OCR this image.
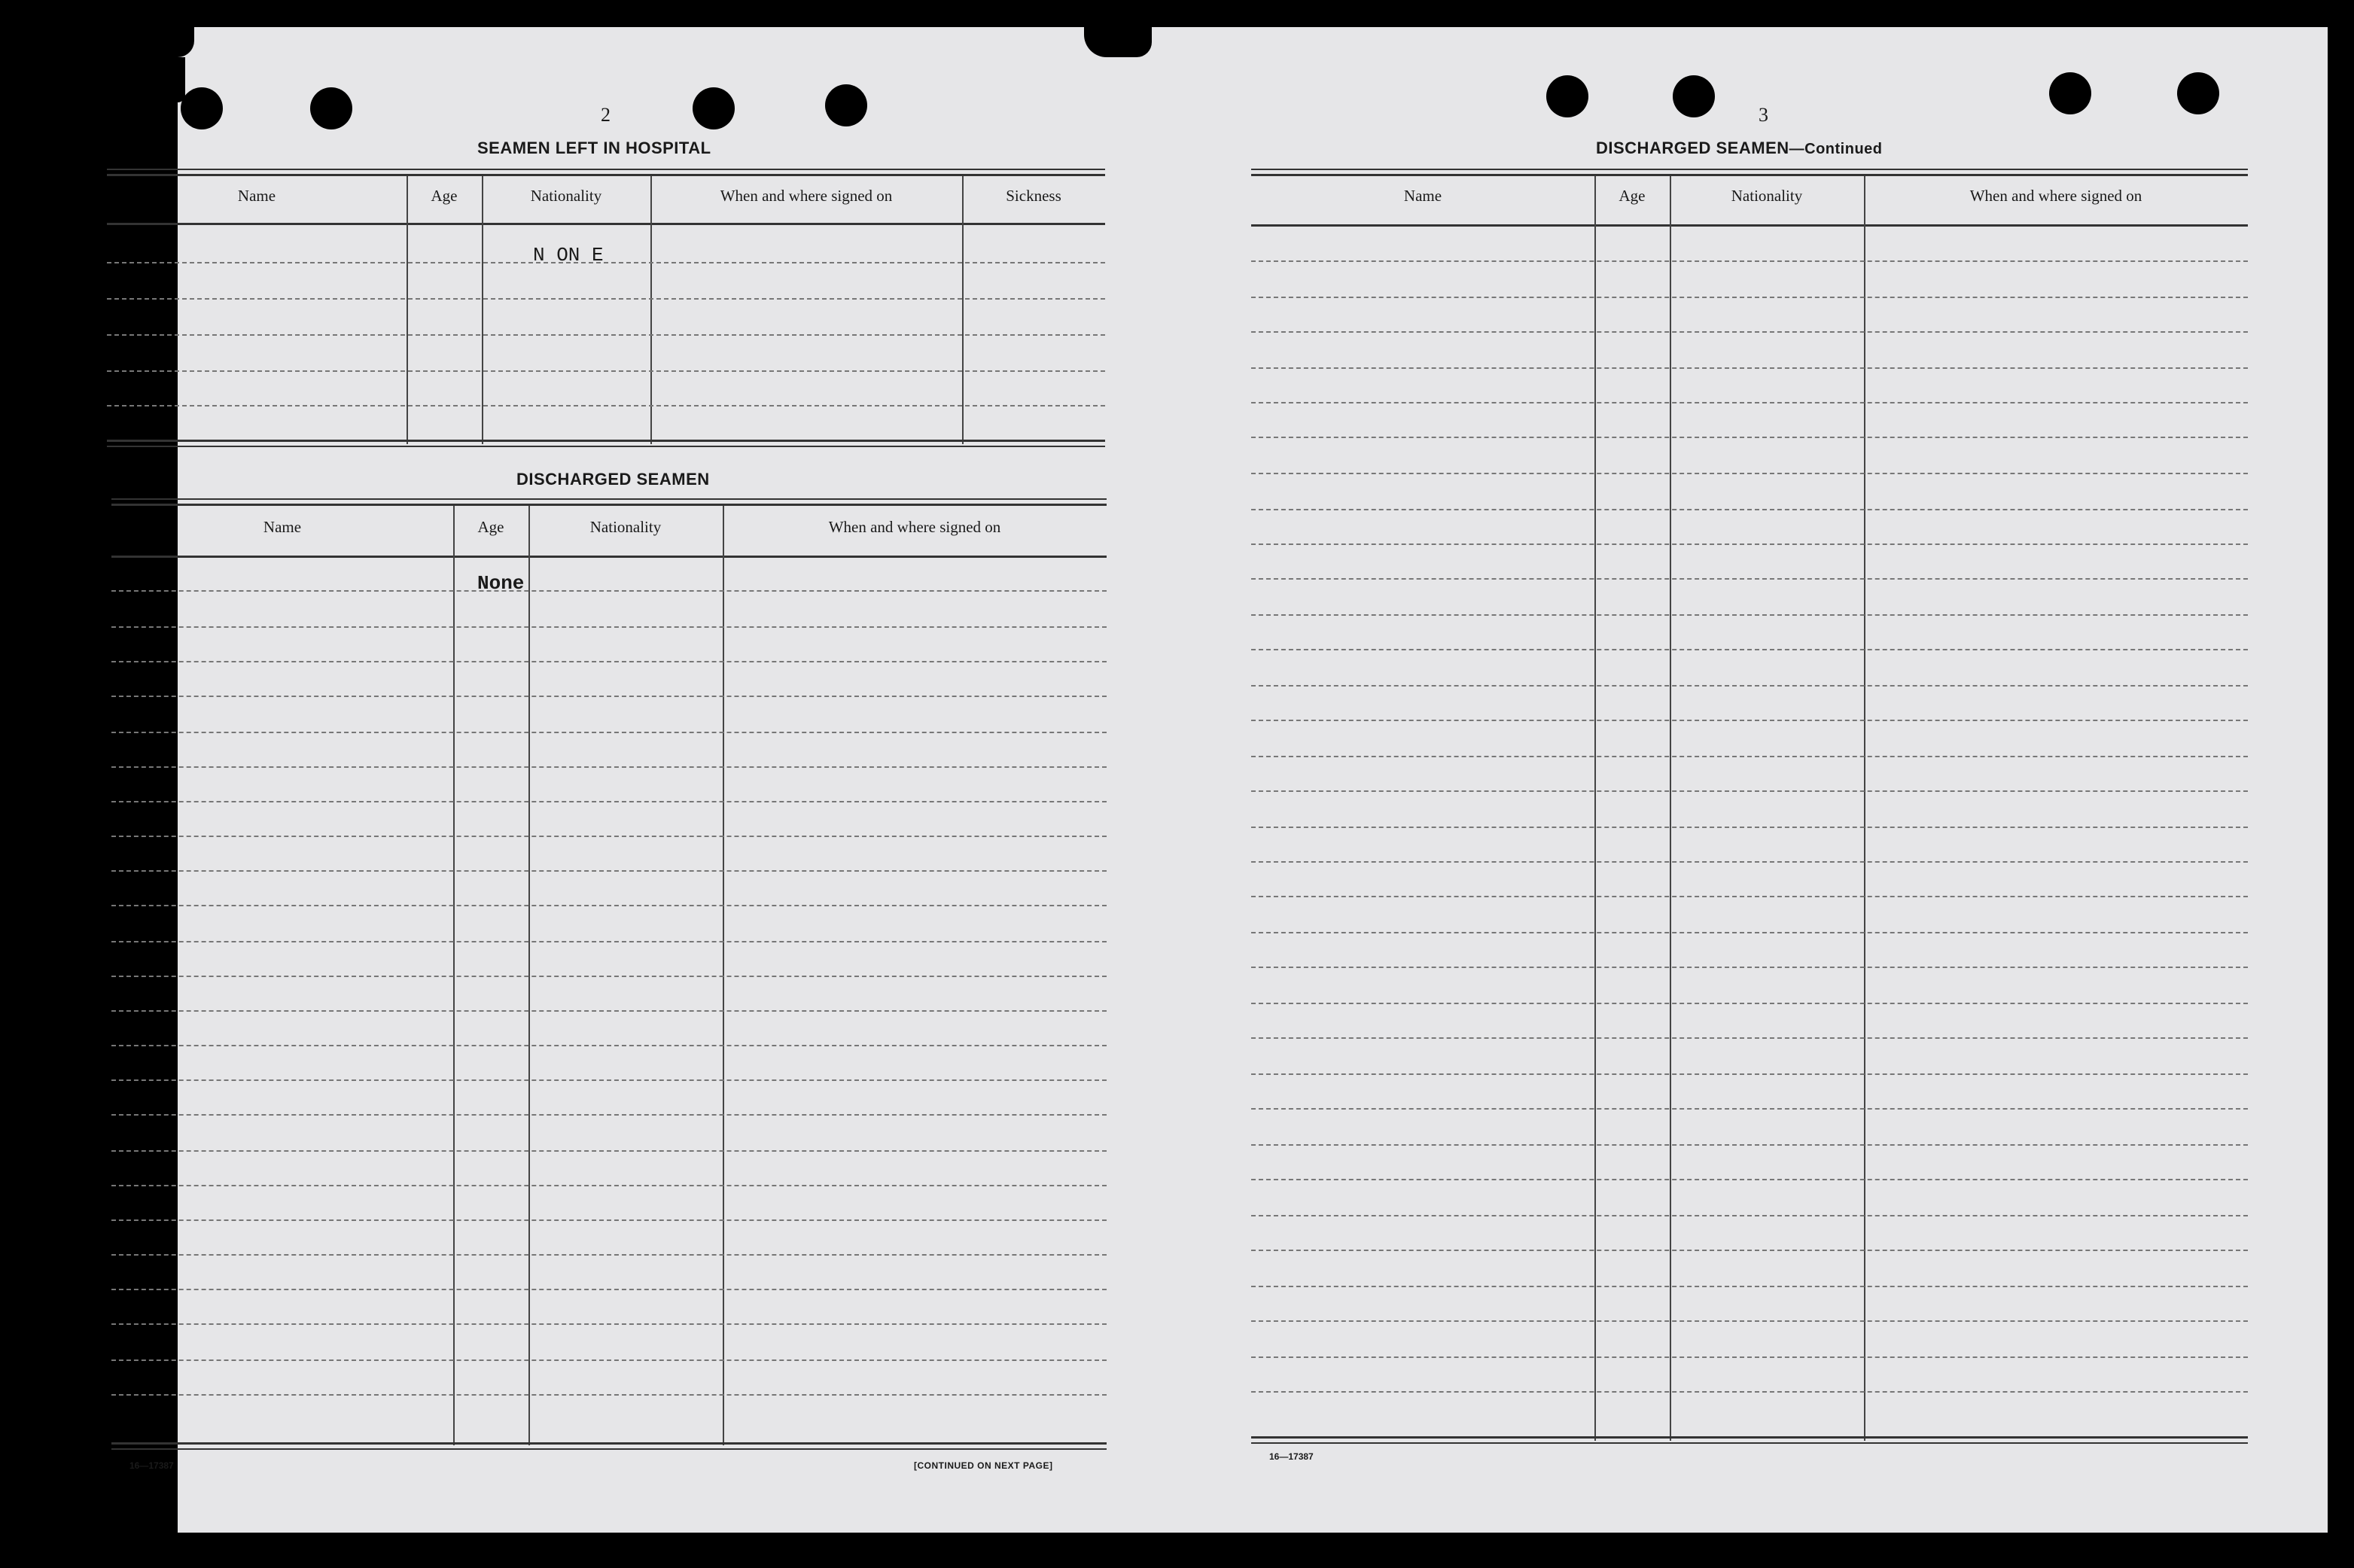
2
SEAMEN LEFT IN HOSPITAL
Name	Age	Nationality	When and where signed on	Sickness
N ON E
DISCHARGED SEAMEN
Name	Age	Nationality	When and where signed on
None
16—17387	[CONTINUED ON NEXT PAGE]
3
DISCHARGED SEAMEN—Continued
Name	Age	Nationality	When and where signed on
16—17387
